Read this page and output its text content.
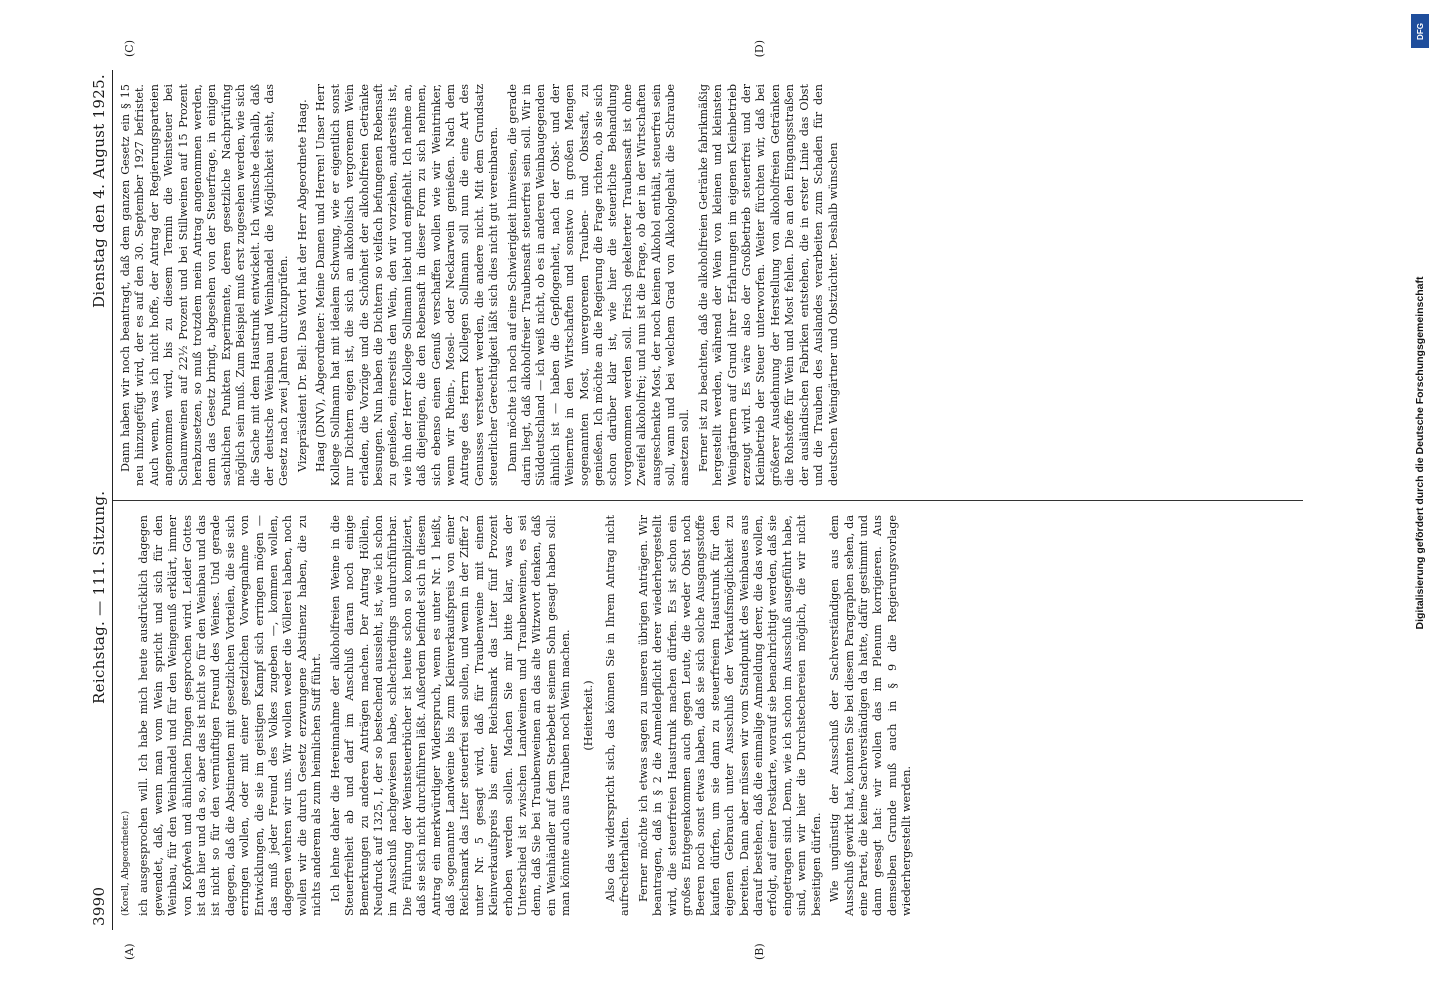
3990
Reichstag. — 111. Sitzung.
Dienstag den 4. August 1925.

(Korell, Abgeordneter.) ich ausgesprochen will. Ich habe mich heute ausdrücklich dagegen gewendet, daß, wenn man vom Wein spricht und sich für den Weinbau, für den Weinhandel und für den Weingenuß erklärt, immer von Kopfweh und ähnlichen Dingen gesprochen wird. Leider Gottes ist das hier und da so, aber das ist nicht so für den Weinbau und das ist nicht so für den vernünftigen Freund des Weines. Und gerade dagegen, daß die Abstinenten mit gesetzlichen Vorteilen, die sie sich erringen wollen, oder mit einer gesetzlichen Vorwegnahme von Entwicklungen, die sie im geistigen Kampf sich erringen mögen — das muß jeder Freund des Volkes zugeben —, kommen wollen, dagegen wehren wir uns. Wir wollen weder die Völlerei haben, noch wollen wir die durch Gesetz erzwungene Abstinenz haben, die zu nichts anderem als zum heimlichen Suff führt. Ich lehne daher die Hereinnahme der alkoholfreien Weine in die Steuerfreiheit ab und darf im Anschluß daran noch einige Bemerkungen zu anderen Anträgen machen. Der Antrag Höllein, Neudruck auf 1325, I, der so bestechend aussieht, ist, wie ich schon im Ausschuß nachgewiesen habe, schlechterdings undurchführbar. Die Führung der Weinsteuerbücher ist heute schon so kompliziert, daß sie sich nicht durchführen läßt. Außerdem befindet sich in diesem Antrag ein merkwürdiger Widerspruch, wenn es unter Nr. 1 heißt, daß sogenannte Landweine bis zum Kleinverkaufspreis von einer Reichsmark das Liter steuerfrei sein sollen, und wenn in der Ziffer 2 unter Nr. 5 gesagt wird, daß für Traubenweine mit einem Kleinverkaufspreis bis einer Reichsmark das Liter fünf Prozent erhoben werden sollen. Machen Sie mir bitte klar, was der Unterschied ist zwischen Landweinen und Traubenweinen, es sei denn, daß Sie bei Traubenweinen an das alte Witzwort denken, daß ein Weinhändler auf dem Sterbebett seinem Sohn gesagt haben soll: man könnte auch aus Trauben noch Wein machen. (Heiterkeit.) Also das widerspricht sich, das können Sie in Ihrem Antrag nicht aufrechterhalten. Ferner möchte ich etwas sagen zu unseren übrigen Anträgen. Wir beantragen, daß in § 2 die Anmeldepflicht derer wiederhergestellt wird, die steuerfreien Haustrunk machen dürfen. Es ist schon ein großes Entgegenkommen auch gegen Leute, die weder Obst noch Beeren noch sonst etwas haben, daß sie sich solche Ausgangsstoffe kaufen dürfen, um sie dann zu steuerfreiem Haustrunk für den eigenen Gebrauch unter Ausschluß der Verkaufsmöglichkeit zu bereiten. Dann aber müssen wir vom Standpunkt des Weinbaues aus darauf bestehen, daß die einmalige Anmeldung derer, die das wollen, erfolgt, auf einer Postkarte, worauf sie benachrichtigt werden, daß sie eingetragen sind. Denn, wie ich schon im Ausschuß ausgeführt habe, sind, wenn wir hier die Durchstechereien möglich, die wir nicht beseitigen dürfen. Wie ungünstig der Ausschuß der Sachverständigen aus dem Ausschuß gewirkt hat, konnten Sie bei diesem Paragraphen sehen, da eine Partei, die keine Sachverständigen da hatte, dafür gestimmt und dann gesagt hat: wir wollen das im Plenum korrigieren. Aus demselben Grunde muß auch in § 9 die Regierungsvorlage wiederhergestellt werden.

Dann haben wir noch beantragt, daß dem ganzen Gesetz ein § 15 neu hinzugefügt wird, der es auf den 30. September 1927 befristet. Auch wenn, was ich nicht hoffe, der Antrag der Regierungsparteien angenommen wird, bis zu diesem Termin die Weinsteuer bei Schaumweinen auf 22½ Prozent und bei Stillweinen auf 15 Prozent herabzusetzen, so muß trotzdem mein Antrag angenommen werden, denn das Gesetz bringt, abgesehen von der Steuerfrage, in einigen sachlichen Punkten Experimente, deren gesetzliche Nachprüfung möglich sein muß. Zum Beispiel muß erst zugesehen werden, wie sich die Sache mit dem Haustrunk entwickelt. Ich wünsche deshalb, daß der deutsche Weinbau und Weinhandel die Möglichkeit sieht, das Gesetz nach zwei Jahren durchzuprüfen. Vizepräsident Dr. Bell: Das Wort hat der Herr Abgeordnete Haag. Haag (DNV), Abgeordneter: Meine Damen und Herren! Unser Herr Kollege Sollmann hat mit idealem Schwung, wie er eigentlich sonst nur Dichtern eigen ist, die sich an alkoholisch vergorenem Wein erladen, die Vorzüge und die Schönheit der alkoholfreien Getränke besungen. Nun haben die Dichtern so vielfach befungenen Rebensaft zu genießen, einerseits den Wein, den wir vorziehen, anderseits ist, wie ihn der Herr Kollege Sollmann liebt und empfiehlt. Ich nehme an, daß diejenigen, die den Rebensaft in dieser Form zu sich nehmen, sich ebenso einen Genuß verschaffen wollen wie wir Weintrinker, wenn wir Rhein-, Mosel- oder Neckarwein genießen. Nach dem Antrage des Herrn Kollegen Sollmann soll nun die eine Art des Genusses versteuert werden, die andere nicht. Mit dem Grundsatz steuerlicher Gerechtigkeit läßt sich dies nicht gut vereinbaren. Dann möchte ich noch auf eine Schwierigkeit hinweisen, die gerade darin liegt, daß alkoholfreier Traubensaft steuerfrei sein soll. Wir in Süddeutschland — ich weiß nicht, ob es in anderen Weinbaugegenden ähnlich ist — haben die Gepflogenheit, nach der Obst- und der Weinernte in den Wirtschaften und sonstwo in großen Mengen sogenannten Most, unvergorenen Trauben- und Obstsaft, zu genießen. Ich möchte an die Regierung die Frage richten, ob sie sich schon darüber klar ist, wie hier die steuerliche Behandlung vorgenommen werden soll. Frisch gekelterter Traubensaft ist ohne Zweifel alkoholfrei; und nun ist die Frage, ob der in der Wirtschaften ausgeschenkte Most, der noch keinen Alkohol enthält, steuerfrei sein soll, wann und bei welchem Grad von Alkoholgehalt die Schraube ansetzen soll. Ferner ist zu beachten, daß die alkoholfreien Getränke fabrikmäßig hergestellt werden, während der Wein von kleinen und kleinsten Weingärtnern auf Grund ihrer Erfahrungen im eigenen Kleinbetrieb erzeugt wird. Es wäre also der Großbetrieb steuerfrei und der Kleinbetrieb der Steuer unterworfen. Weiter fürchten wir, daß bei größerer Ausdehnung der Herstellung von alkoholfreien Getränken die Rohstoffe für Wein und Most fehlen. Die an den Eingangsstraßen der ausländischen Fabriken entstehen, die in erster Linie das Obst und die Trauben des Auslandes verarbeiten zum Schaden für den deutschen Weingärtner und Obstzüchter. Deshalb wünschen

(A)	(B)
(C)	(D)
DFG
Digitalisierung gefördert durch die Deutsche Forschungsgemeinschaft
